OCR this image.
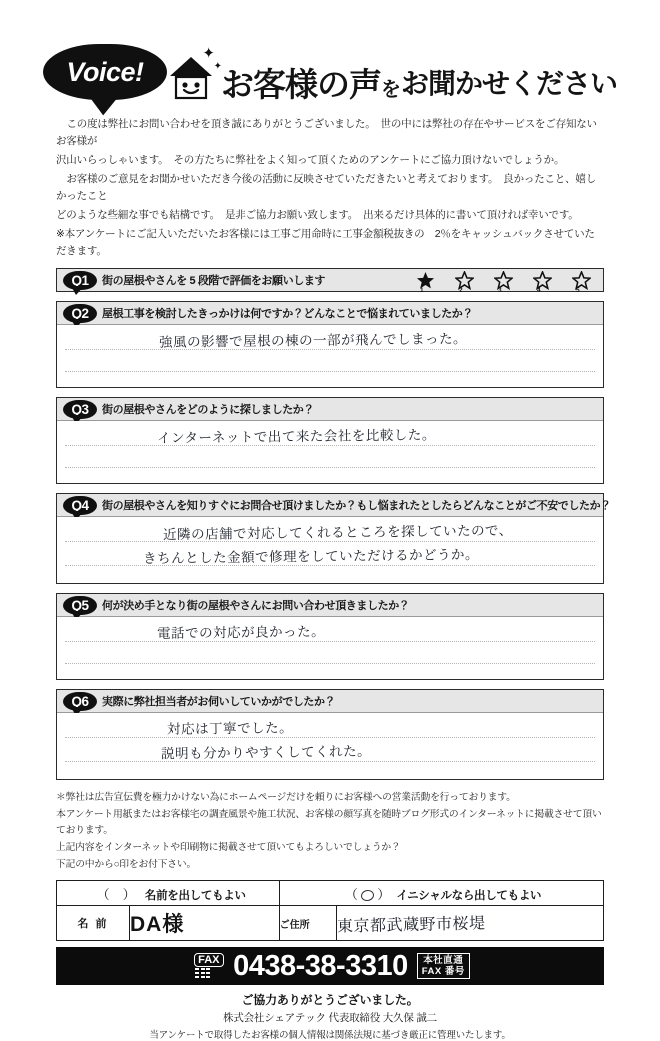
Voice!
✦
✦ お客様の声 を お聞かせください

この度は弊社にお問い合わせを頂き誠にありがとうございました。　世の中には弊社の存在やサービスをご存知ないお客様が

沢山いらっしゃいます。　その方たちに弊社をよく知って頂くためのアンケートにご協力頂けないでしょうか。

お客様のご意見をお聞かせいただき今後の活動に反映させていただきたいと考えております。　良かったこと、嬉しかったこと

どのような些細な事でも結構です。　是非ご協力お願い致します。　出来るだけ具体的に書いて頂ければ幸いです。

※本アンケートにご記入いただいたお客様には工事ご用命時に工事金額税抜きの　2％をキャッシュバックさせていただきます。

Q1	街の屋根やさんを 5 段階で評価をお願いします
1	2	3	4	5
Q2	屋根工事を検討したきっかけは何ですか？どんなことで悩まれていましたか？
強風の影響で屋根の棟の一部が飛んでしまった。
Q3	街の屋根やさんをどのように探しましたか？
インターネットで出て来た会社を比較した。
Q4	街の屋根やさんを知りすぐにお問合せ頂けましたか？もし悩まれたとしたらどんなことがご不安でしたか？
近隣の店舗で対応してくれるところを探していたので、
きちんとした金額で修理をしていただけるかどうか。
Q5	何が決め手となり街の屋根やさんにお問い合わせ頂きましたか？
電話での対応が良かった。
Q6	実際に弊社担当者がお伺いしていかがでしたか？
対応は丁寧でした。
説明も分かりやすくしてくれた。

＊弊社は広告宣伝費を極力かけない為にホームページだけを頼りにお客様への営業活動を行っております。

本アンケート用紙またはお客様宅の調査風景や施工状況、お客様の顔写真を随時ブログ形式のインターネットに掲載させて頂いております。

上記内容をインターネットや印刷物に掲載させて頂いてもよろしいでしょうか？

下記の中から○印をお付下さい。

（    ） 名前を出してもよい		（  ） イニシャルなら出してもよい	
名 前	DA様	ご住所	東京都武蔵野市桜堤
FAX 0438-38-3310 本社直通
FAX 番号
ご協力ありがとうございました。
株式会社シェアテック 代表取締役 大久保 誠二
当アンケートで取得したお客様の個人情報は関係法規に基づき厳正に管理いたします。
